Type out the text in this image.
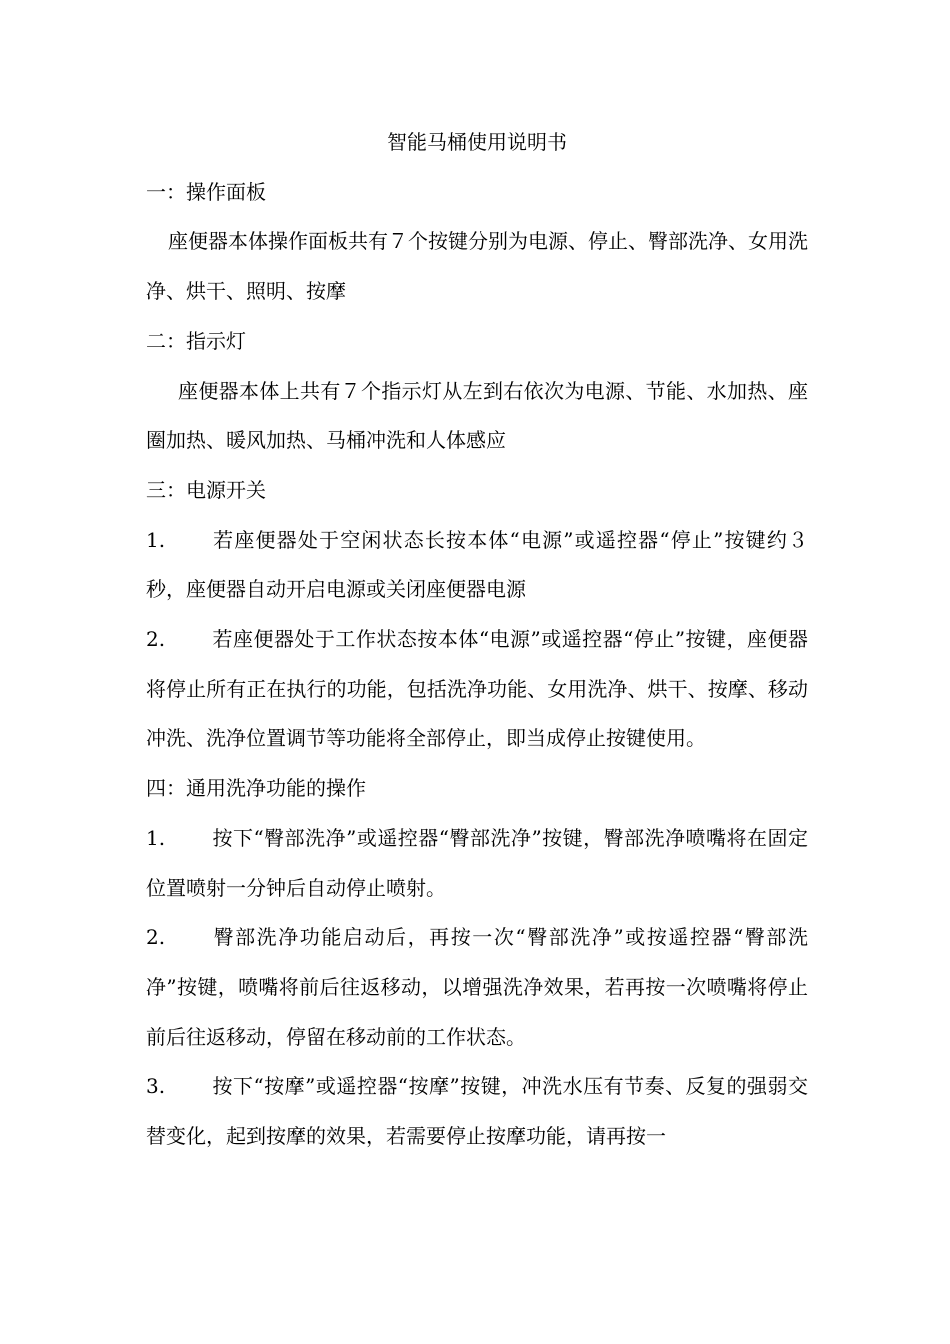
智能马桶使用说明书

一：操作面板

座便器本体操作面板共有７个按键分别为电源、停止、臀部洗净、女用洗净、烘干、照明、按摩

二：指示灯

座便器本体上共有７个指示灯从左到右依次为电源、节能、水加热、座圈加热、暖风加热、马桶冲洗和人体感应

三：电源开关

1. 若座便器处于空闲状态长按本体“电源”或遥控器“停止”按键约３秒，座便器自动开启电源或关闭座便器电源

2. 若座便器处于工作状态按本体“电源”或遥控器“停止”按键，座便器将停止所有正在执行的功能，包括洗净功能、女用洗净、烘干、按摩、移动冲洗、洗净位置调节等功能将全部停止，即当成停止按键使用。

四：通用洗净功能的操作

1. 按下“臀部洗净”或遥控器“臀部洗净”按键，臀部洗净喷嘴将在固定位置喷射一分钟后自动停止喷射。

2. 臀部洗净功能启动后，再按一次“臀部洗净”或按遥控器“臀部洗净”按键，喷嘴将前后往返移动，以增强洗净效果，若再按一次喷嘴将停止前后往返移动，停留在移动前的工作状态。

3. 按下“按摩”或遥控器“按摩”按键，冲洗水压有节奏、反复的强弱交替变化，起到按摩的效果，若需要停止按摩功能，请再按一
